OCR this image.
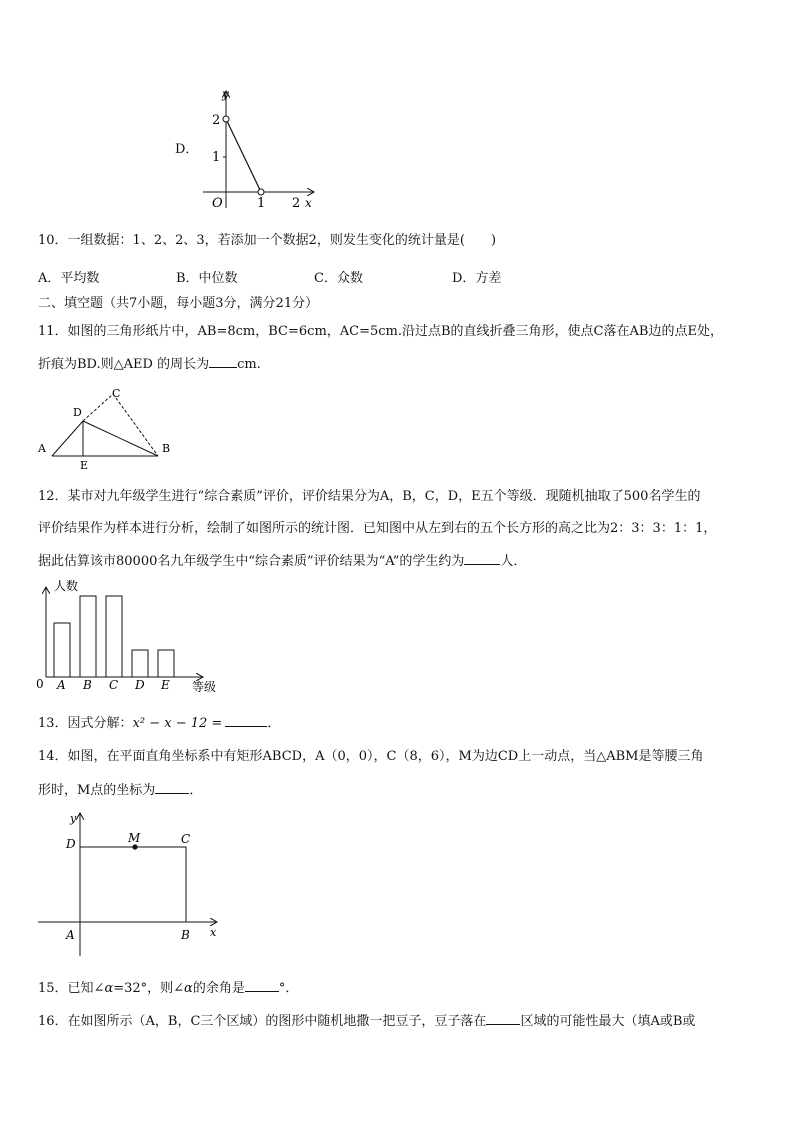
D．
y
2
1
O	1 2 x
10．一组数据：1、2、2、3，若添加一个数据2，则发生变化的统计量是(　　)
A．平均数	B．中位数	C．众数	D．方差
二、填空题（共7小题，每小题3分，满分21分）
11．如图的三角形纸片中，AB=8cm，BC=6cm，AC=5cm.沿过点B的直线折叠三角形，使点C落在AB边的点E处，
折痕为BD.则△AED 的周长为 cm.
A	B
C
D
E
12．某市对九年级学生进行“综合素质”评价，评价结果分为A，B，C，D，E五个等级．现随机抽取了500名学生的
评价结果作为样本进行分析，绘制了如图所示的统计图．已知图中从左到右的五个长方形的高之比为2：3：3：1：1，
据此估算该市80000名九年级学生中“综合素质”评价结果为“A”的学生约为	人．
人数
等级
0 A B C D E
13．因式分解：x² − x − 12 =	．
14．如图，在平面直角坐标系中有矩形ABCD，A（0，0），C（8，6），M为边CD上一动点，当△ABM是等腰三角
形时，M点的坐标为	．
y
x
A	B
C
D	M
15．已知∠α=32°，则∠α的余角是	°．
16．在如图所示（A，B，C三个区域）的图形中随机地撒一把豆子，豆子落在	区域的可能性最大（填A或B或
